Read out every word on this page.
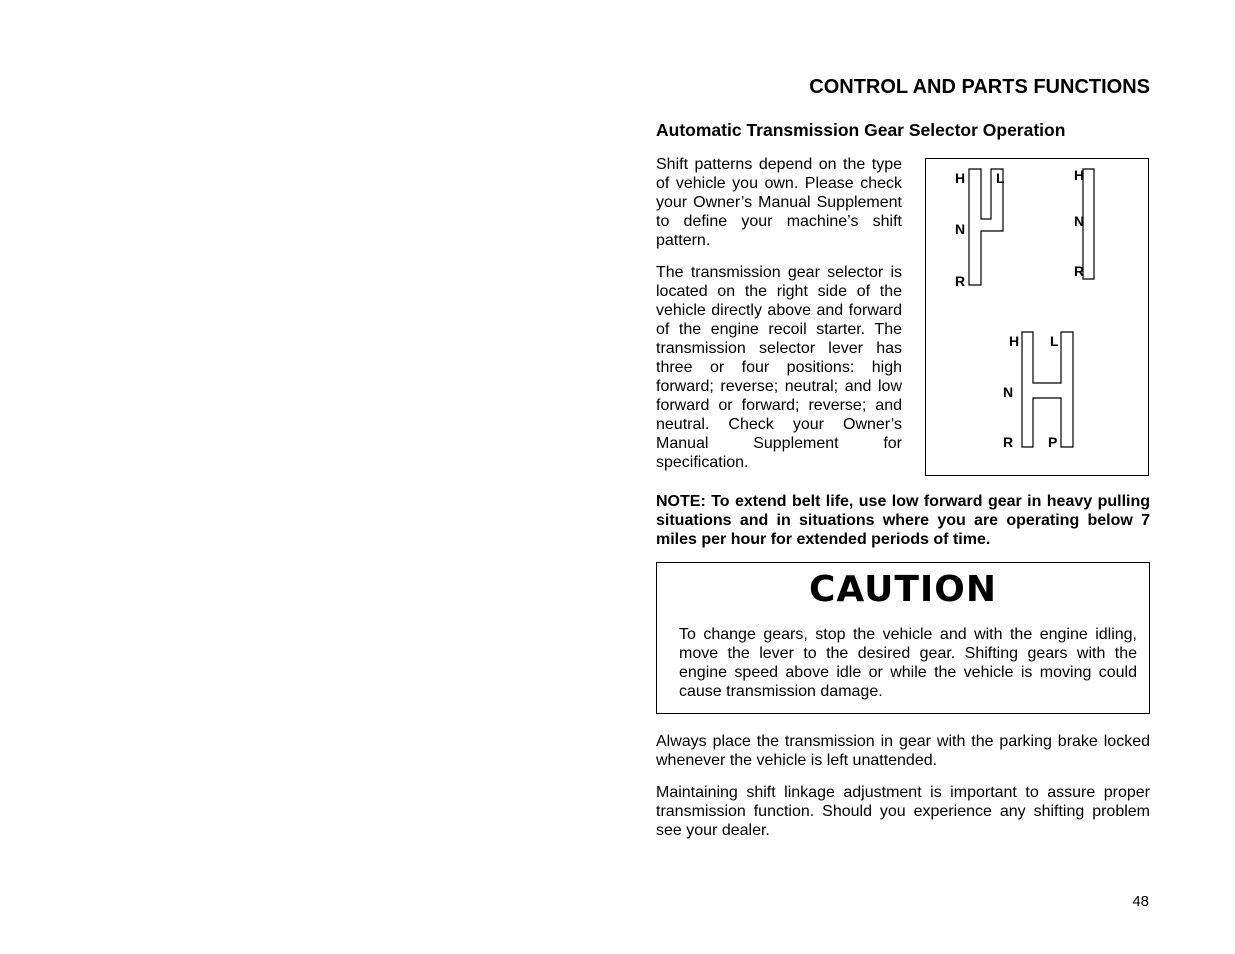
CONTROL AND PARTS FUNCTIONS
Automatic Transmission Gear Selector Operation

Shift patterns depend on the type of vehicle you own. Please check your Owner’s Manual Supplement to define your machine’s shift pattern.

The transmission gear selector is located on the right side of the vehicle directly above and forward of the engine recoil starter. The transmission selector lever has three or four positions: high forward; reverse; neutral; and low forward or forward; reverse; and neutral. Check your Owner’s Manual Supplement for specification.

H L
N
R
H
N
R
H L
N
R P

NOTE: To extend belt life, use low forward gear in heavy pulling situations and in situations where you are operating below 7 miles per hour for extended periods of time.

CAUTION

To change gears, stop the vehicle and with the engine idling, move the lever to the desired gear. Shifting gears with the engine speed above idle or while the vehicle is moving could cause transmission damage.

Always place the transmission in gear with the parking brake locked whenever the vehicle is left unattended.

Maintaining shift linkage adjustment is important to assure proper transmission function. Should you experience any shifting problem see your dealer.

48
